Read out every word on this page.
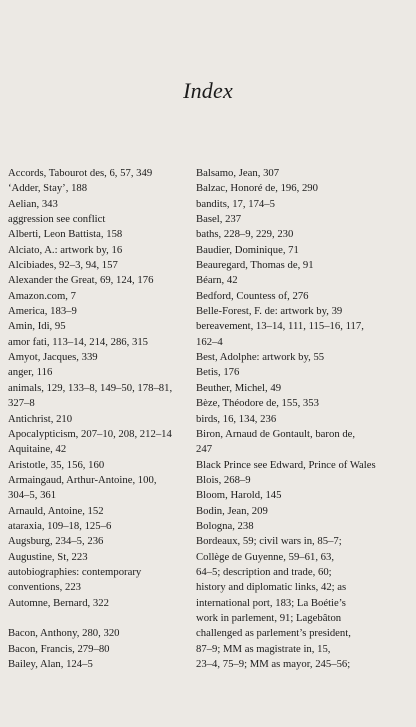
Index
Accords, Tabourot des, 6, 57, 349
‘Adder, Stay’, 188
Aelian, 343
aggression see conflict
Alberti, Leon Battista, 158
Alciato, A.: artwork by, 16
Alcibiades, 92–3, 94, 157
Alexander the Great, 69, 124, 176
Amazon.com, 7
America, 183–9
Amin, Idi, 95
amor fati, 113–14, 214, 286, 315
Amyot, Jacques, 339
anger, 116
animals, 129, 133–8, 149–50, 178–81,
327–8
Antichrist, 210
Apocalypticism, 207–10, 208, 212–14
Aquitaine, 42
Aristotle, 35, 156, 160
Armaingaud, Arthur-Antoine, 100,
304–5, 361
Arnauld, Antoine, 152
ataraxia, 109–18, 125–6
Augsburg, 234–5, 236
Augustine, St, 223
autobiographies: contemporary
conventions, 223
Automne, Bernard, 322
Bacon, Anthony, 280, 320
Bacon, Francis, 279–80
Bailey, Alan, 124–5
Balsamo, Jean, 307
Balzac, Honoré de, 196, 290
bandits, 17, 174–5
Basel, 237
baths, 228–9, 229, 230
Baudier, Dominique, 71
Beauregard, Thomas de, 91
Béarn, 42
Bedford, Countess of, 276
Belle-Forest, F. de: artwork by, 39
bereavement, 13–14, 111, 115–16, 117,
162–4
Best, Adolphe: artwork by, 55
Betis, 176
Beuther, Michel, 49
Bèze, Théodore de, 155, 353
birds, 16, 134, 236
Biron, Arnaud de Gontault, baron de,
247
Black Prince see Edward, Prince of Wales
Blois, 268–9
Bloom, Harold, 145
Bodin, Jean, 209
Bologna, 238
Bordeaux, 59; civil wars in, 85–7;
Collège de Guyenne, 59–61, 63,
64–5; description and trade, 60;
history and diplomatic links, 42; as
international port, 183; La Boétie’s
work in parlement, 91; Lagebâton
challenged as parlement’s president,
87–9; MM as magistrate in, 15,
23–4, 75–9; MM as mayor, 245–56;
